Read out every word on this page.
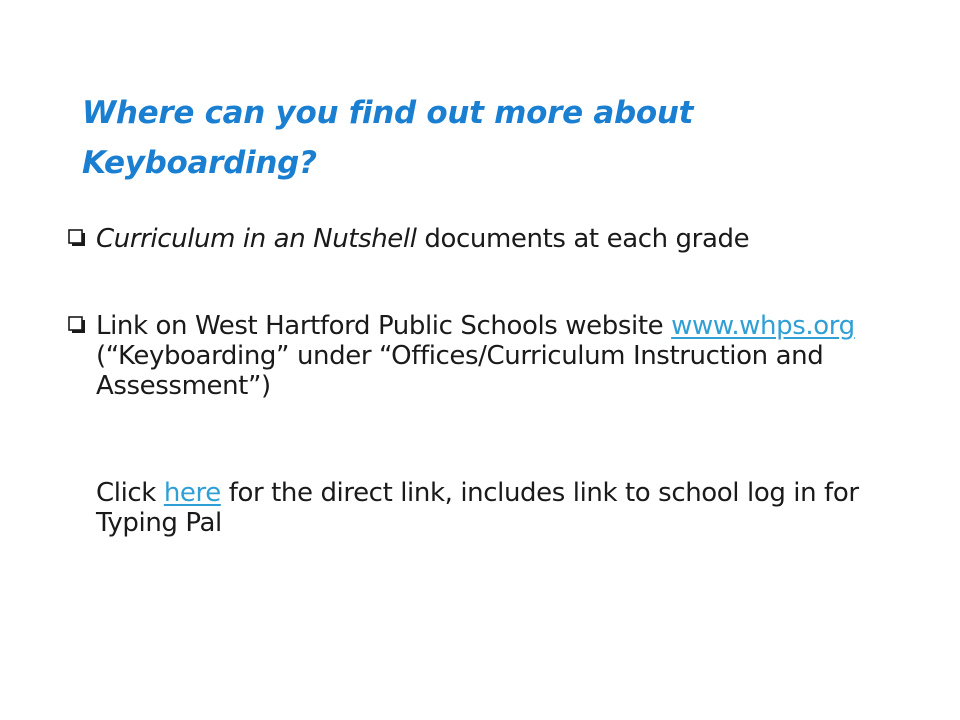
Where can you find out more about Keyboarding?
Curriculum in an Nutshell documents at each grade
Link on West Hartford Public Schools website www.whps.org (“Keyboarding” under “Offices/Curriculum Instruction and Assessment”)
Click here for the direct link, includes link to school log in for Typing Pal
